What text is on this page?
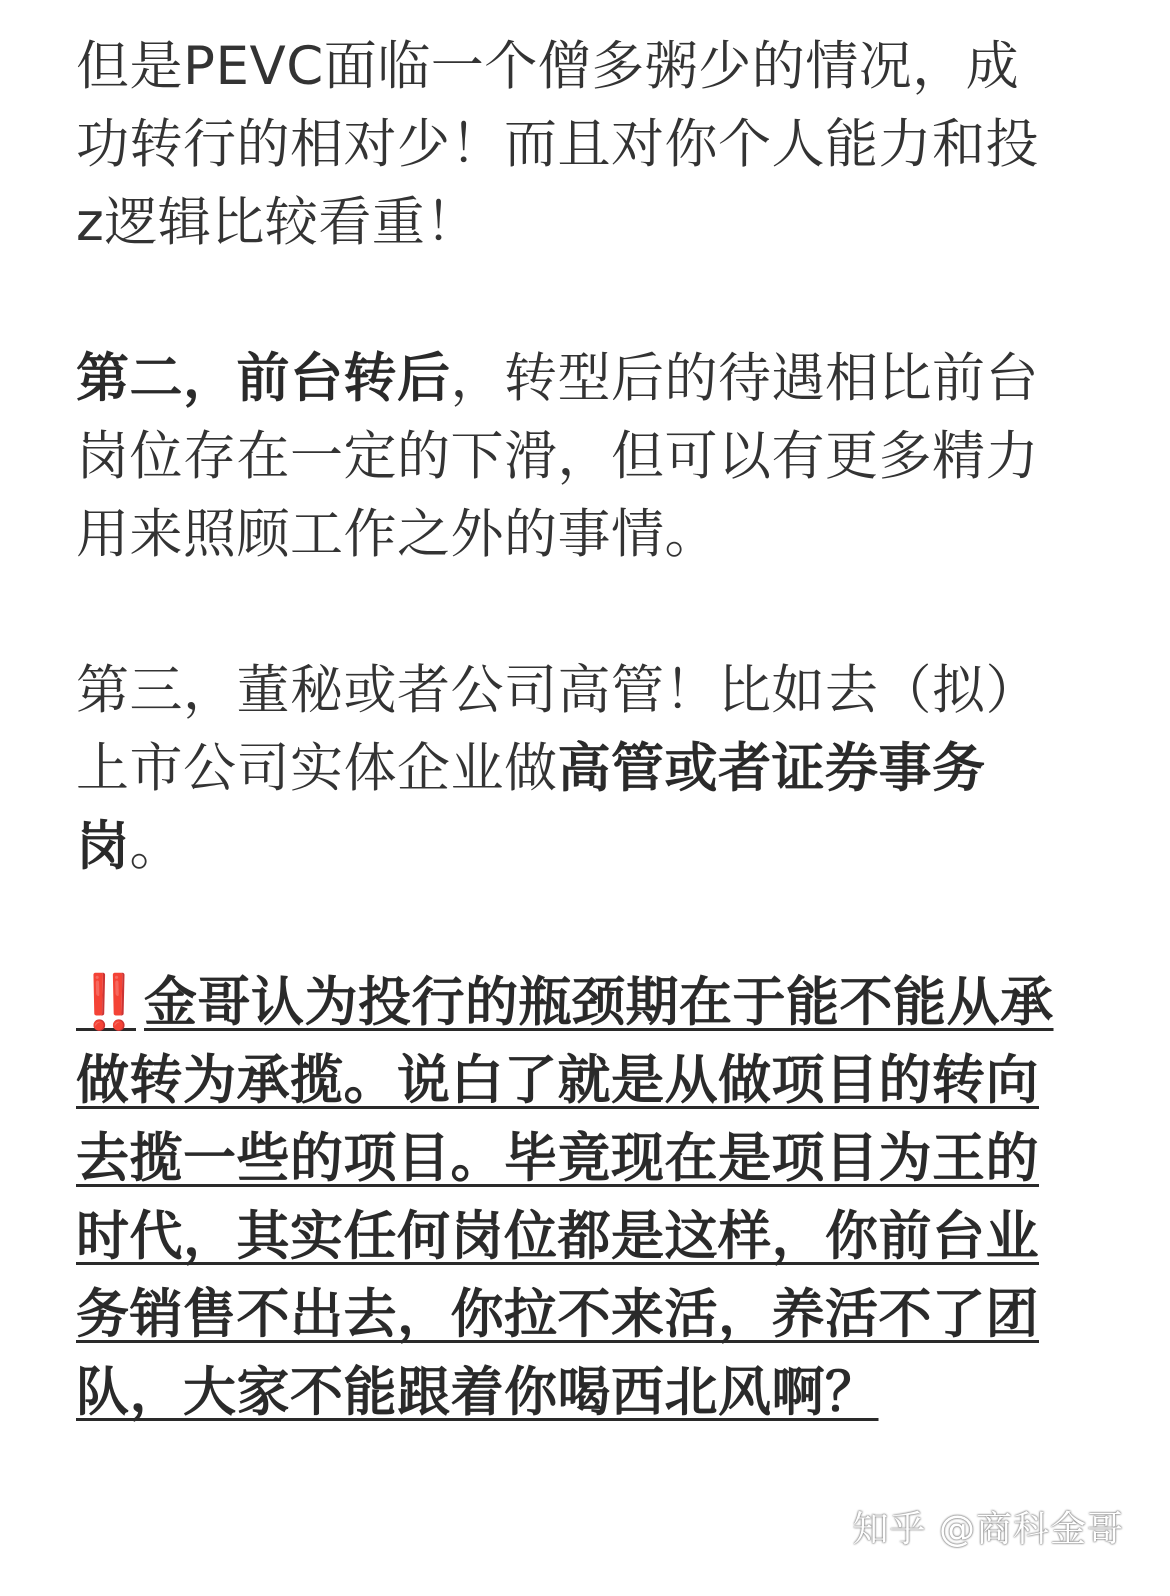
但是PEVC面临一个僧多粥少的情况，成功转行的相对少！而且对你个人能力和投z逻辑比较看重！

第二，前台转后，转型后的待遇相比前台岗位存在一定的下滑，但可以有更多精力用来照顾工作之外的事情。

第三，董秘或者公司高管！比如去（拟）上市公司实体企业做高管或者证券事务岗。

‼️ 金哥认为投行的瓶颈期在于能不能从承做转为承揽。说白了就是从做项目的转向去揽一些的项目。毕竟现在是项目为王的时代，其实任何岗位都是这样，你前台业务销售不出去，你拉不来活，养活不了团队，大家不能跟着你喝西北风啊？

知乎 @商科金哥
